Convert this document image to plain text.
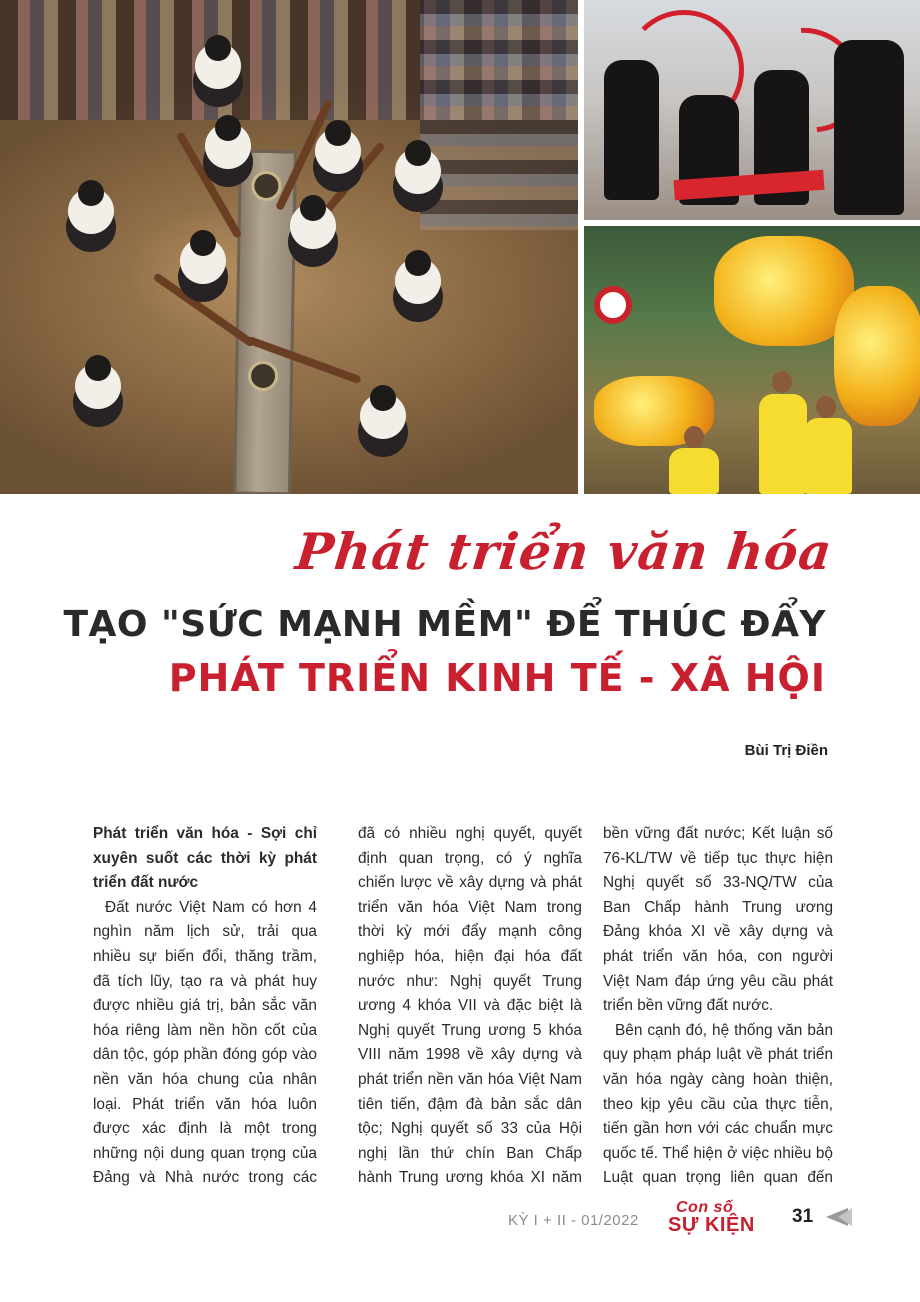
Phát triển văn hóa
TẠO "SỨC MẠNH MỀM" ĐỂ THÚC ĐẨY
PHÁT TRIỂN KINH TẾ - XÃ HỘI
Bùi Trị Điền

Phát triển văn hóa - Sợi chỉ xuyên suốt các thời kỳ phát triển đất nước

Đất nước Việt Nam có hơn 4 nghìn năm lịch sử, trải qua nhiều sự biến đổi, thăng trầm, đã tích lũy, tạo ra và phát huy được nhiều giá trị, bản sắc văn hóa riêng làm nền hồn cốt của dân tộc, góp phần đóng góp vào nền văn hóa chung của nhân loại. Phát triển văn hóa luôn được xác định là một trong những nội dung quan trọng của Đảng và Nhà nước trong các

đã có nhiều nghị quyết, quyết định quan trọng, có ý nghĩa chiến lược về xây dựng và phát triển văn hóa Việt Nam trong thời kỳ mới đẩy mạnh công nghiệp hóa, hiện đại hóa đất nước như: Nghị quyết Trung ương 4 khóa VII và đặc biệt là Nghị quyết Trung ương 5 khóa VIII năm 1998 về xây dựng và phát triển nền văn hóa Việt Nam tiên tiến, đậm đà bản sắc dân tộc; Nghị quyết số 33 của Hội nghị lần thứ chín Ban Chấp hành Trung ương khóa XI năm

bền vững đất nước; Kết luận số 76-KL/TW về tiếp tục thực hiện Nghị quyết số 33-NQ/TW của Ban Chấp hành Trung ương Đảng khóa XI về xây dựng và phát triển văn hóa, con người Việt Nam đáp ứng yêu cầu phát triển bền vững đất nước.

Bên cạnh đó, hệ thống văn bản quy phạm pháp luật về phát triển văn hóa ngày càng hoàn thiện, theo kịp yêu cầu của thực tiễn, tiến gần hơn với các chuẩn mực quốc tế. Thể hiện ở việc nhiều bộ Luật quan trọng liên quan đến

KỲ I + II - 01/2022
Con số
SỰ KIỆN	31
